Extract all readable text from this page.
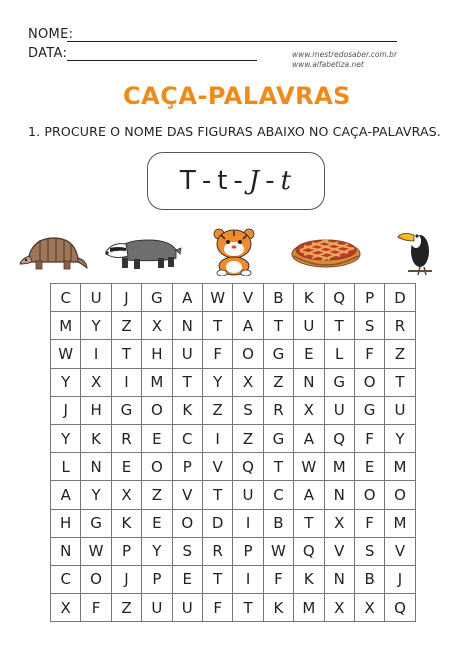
NOME:
DATA:	www.mestredosaber.com.br
www.alfabetiza.net
CAÇA-PALAVRAS
1. PROCURE O NOME DAS FIGURAS ABAIXO NO CAÇA-PALAVRAS.
T - t - J - t
C	U	J	G	A	W	V	B	K	Q	P	D
M	Y	Z	X	N	T	A	T	U	T	S	R
W	I	T	H	U	F	O	G	E	L	F	Z
Y	X	I	M	T	Y	X	Z	N	G	O	T
J	H	G	O	K	Z	S	R	X	U	G	U
Y	K	R	E	C	I	Z	G	A	Q	F	Y
L	N	E	O	P	V	Q	T	W	M	E	M
A	Y	X	Z	V	T	U	C	A	N	O	O
H	G	K	E	O	D	I	B	T	X	F	M
N	W	P	Y	S	R	P	W	Q	V	S	V
C	O	J	P	E	T	I	F	K	N	B	J
X	F	Z	U	U	F	T	K	M	X	X	Q
